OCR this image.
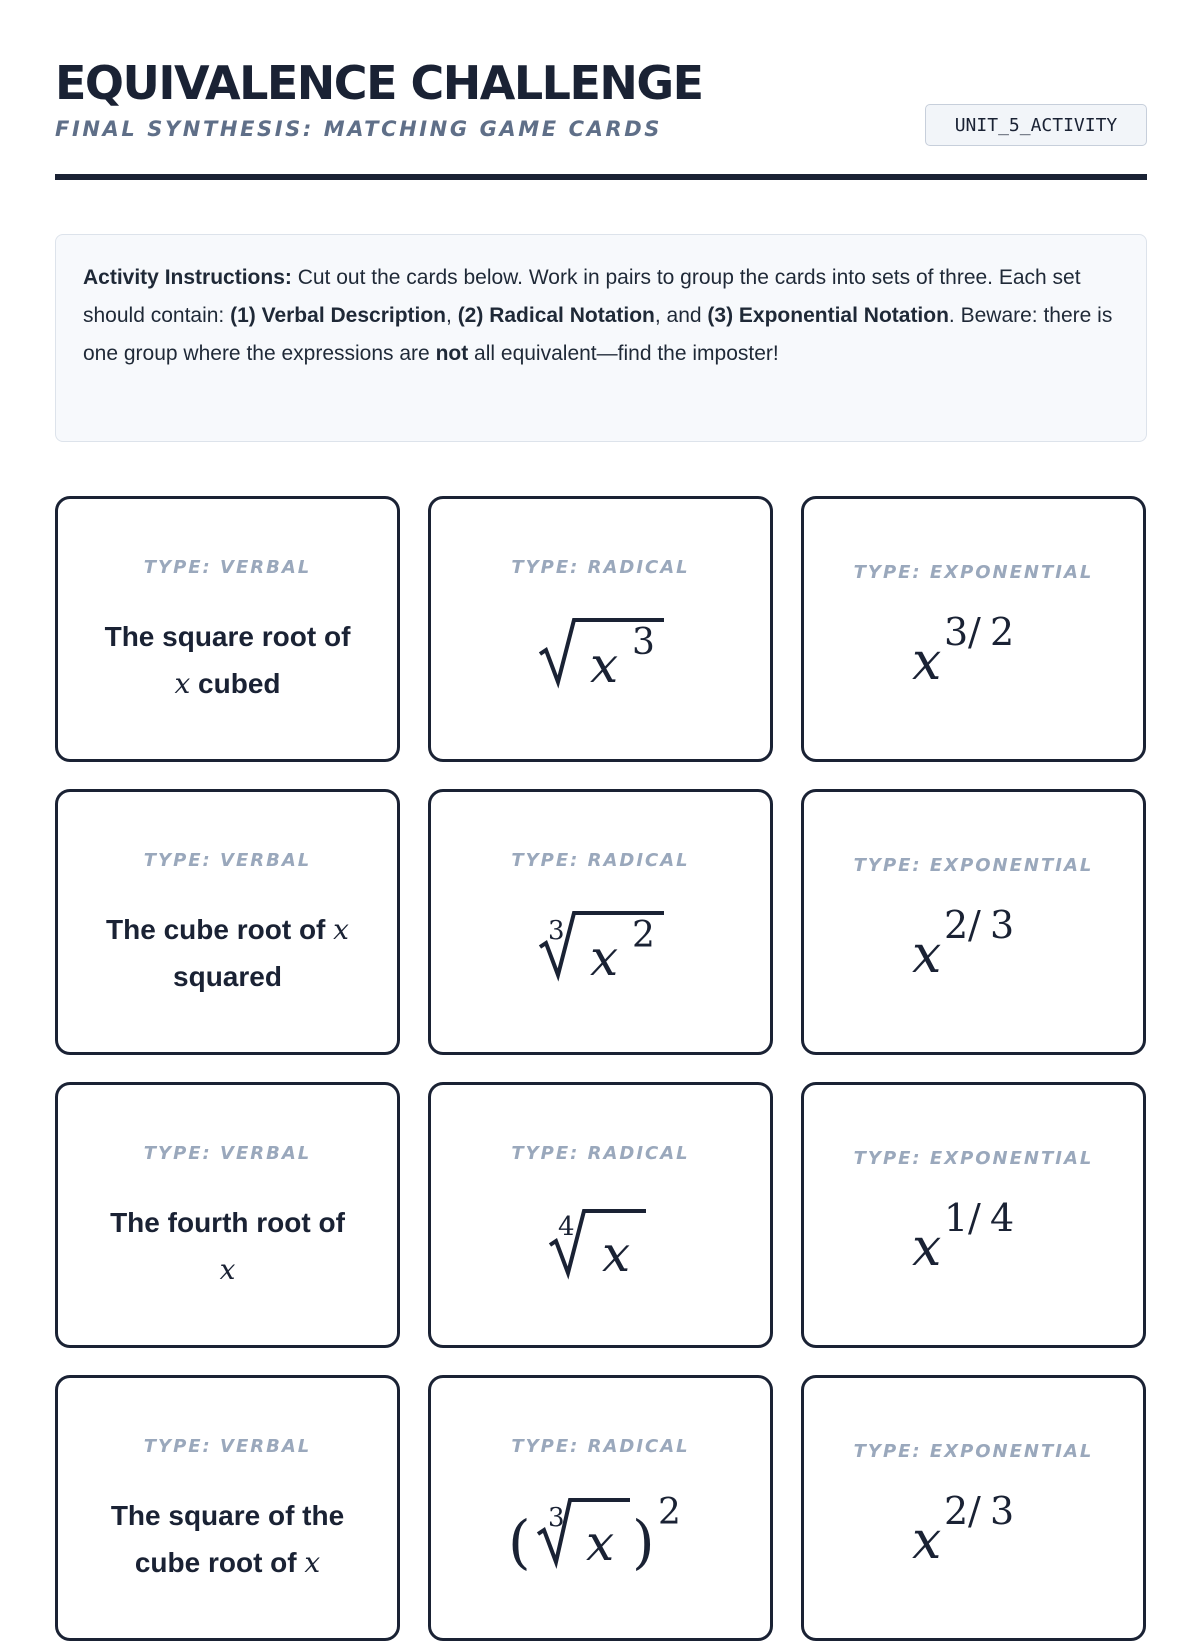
EQUIVALENCE CHALLENGE
FINAL SYNTHESIS: MATCHING GAME CARDS	UNIT_5_ACTIVITY
Activity Instructions: Cut out the cards below. Work in pairs to group the cards into sets of three. Each set should contain: (1) Verbal Description, (2) Radical Notation, and (3) Exponential Notation. Beware: there is one group where the expressions are not all equivalent—find the imposter!
TYPE: VERBAL
The square root of
x cubed
TYPE: RADICAL
x 3
TYPE: EXPONENTIAL
x 3 / 2
TYPE: VERBAL
The cube root of x
squared
TYPE: RADICAL
3 x 2
TYPE: EXPONENTIAL
x 2 / 3
TYPE: VERBAL
The fourth root of
x
TYPE: RADICAL
4 x
TYPE: EXPONENTIAL
x 1 / 4
TYPE: VERBAL
The square of the
cube root of x
TYPE: RADICAL
( 3 x ) 2
TYPE: EXPONENTIAL
x 2 / 3
